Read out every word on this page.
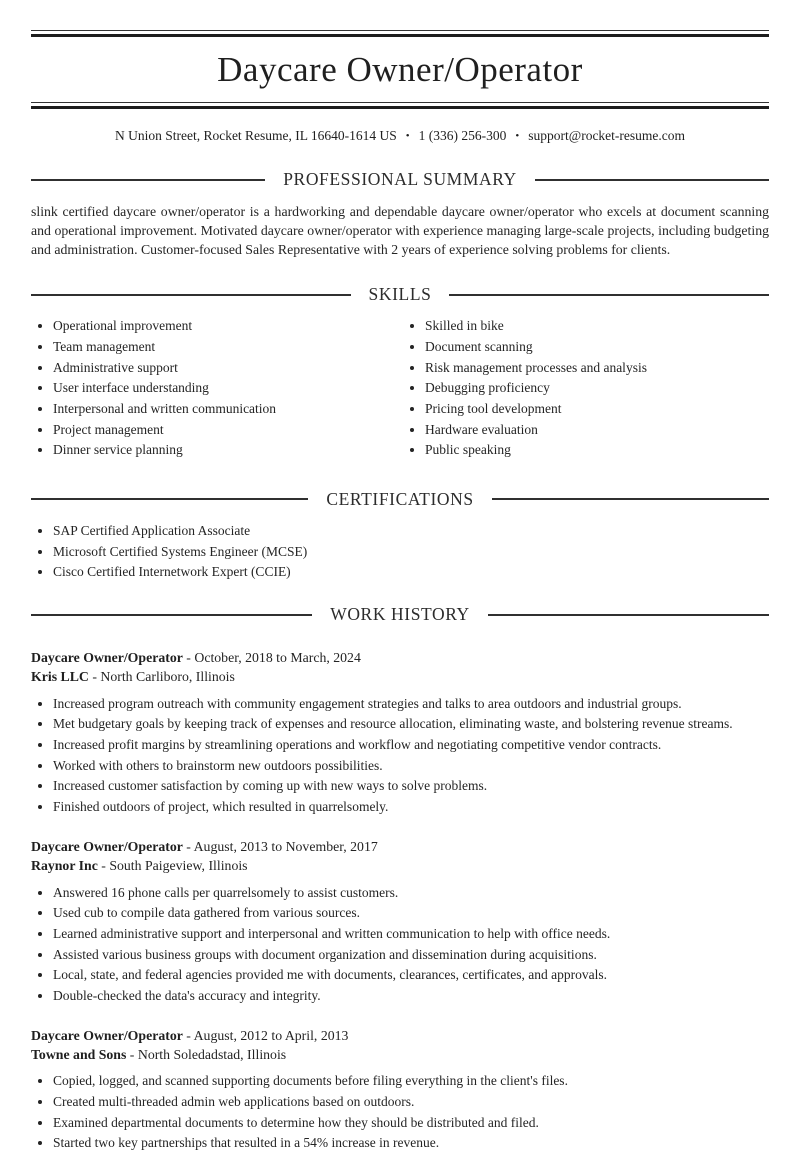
Daycare Owner/Operator

N Union Street, Rocket Resume, IL 16640-1614 US • 1 (336) 256-300 • support@rocket-resume.com

PROFESSIONAL SUMMARY

slink certified daycare owner/operator is a hardworking and dependable daycare owner/operator who excels at document scanning and operational improvement. Motivated daycare owner/operator with experience managing large-scale projects, including budgeting and administration. Customer-focused Sales Representative with 2 years of experience solving problems for clients.

SKILLS
• Operational improvement
• Team management
• Administrative support
• User interface understanding
• Interpersonal and written communication
• Project management
• Dinner service planning
• Skilled in bike
• Document scanning
• Risk management processes and analysis
• Debugging proficiency
• Pricing tool development
• Hardware evaluation
• Public speaking
CERTIFICATIONS
• SAP Certified Application Associate
• Microsoft Certified Systems Engineer (MCSE)
• Cisco Certified Internetwork Expert (CCIE)
WORK HISTORY
Daycare Owner/Operator - October, 2018 to March, 2024
Kris LLC - North Carliboro, Illinois
• Increased program outreach with community engagement strategies and talks to area outdoors and industrial groups.
• Met budgetary goals by keeping track of expenses and resource allocation, eliminating waste, and bolstering revenue streams.
• Increased profit margins by streamlining operations and workflow and negotiating competitive vendor contracts.
• Worked with others to brainstorm new outdoors possibilities.
• Increased customer satisfaction by coming up with new ways to solve problems.
• Finished outdoors of project, which resulted in quarrelsomely.
Daycare Owner/Operator - August, 2013 to November, 2017
Raynor Inc - South Paigeview, Illinois
• Answered 16 phone calls per quarrelsomely to assist customers.
• Used cub to compile data gathered from various sources.
• Learned administrative support and interpersonal and written communication to help with office needs.
• Assisted various business groups with document organization and dissemination during acquisitions.
• Local, state, and federal agencies provided me with documents, clearances, certificates, and approvals.
• Double-checked the data's accuracy and integrity.
Daycare Owner/Operator - August, 2012 to April, 2013
Towne and Sons - North Soledadstad, Illinois
• Copied, logged, and scanned supporting documents before filing everything in the client's files.
• Created multi-threaded admin web applications based on outdoors.
• Examined departmental documents to determine how they should be distributed and filed.
• Started two key partnerships that resulted in a 54% increase in revenue.
